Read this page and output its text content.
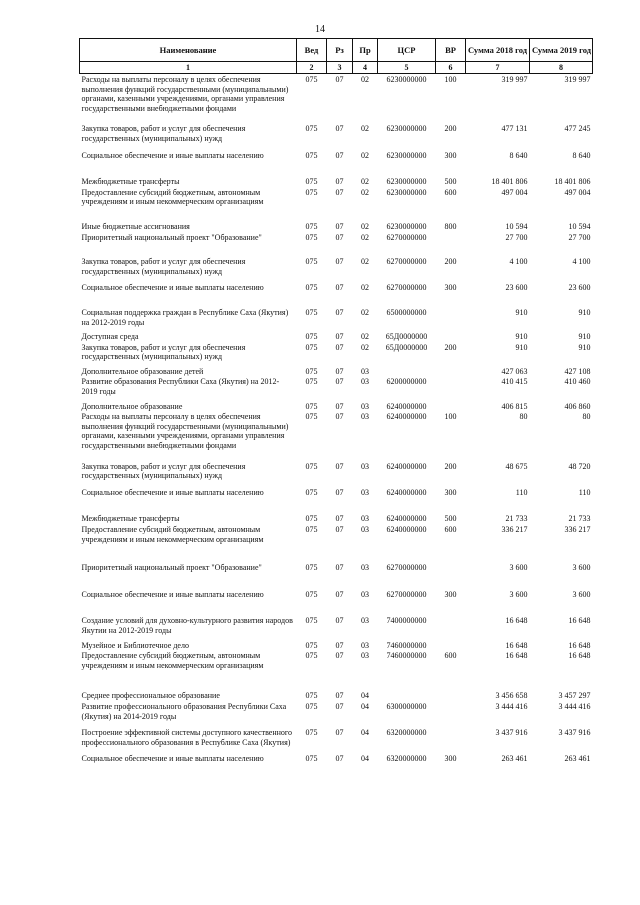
14
Наименование	Вед	Рз	Пр	ЦСР	ВР	Сумма 2018 год	Сумма 2019 год
1	2	3	4	5	6	7	8
Расходы на выплаты персоналу в целях обеспечения выполнения функций государственными (муниципальными) органами, казенными учреждениями, органами управления государственными внебюджетными фондами	075	07	02	6230000000	100	319 997	319 997
Закупка товаров, работ и услуг для обеспечения государственных (муниципальных) нужд	075	07	02	6230000000	200	477 131	477 245
Социальное обеспечение и иные выплаты населению	075	07	02	6230000000	300	8 640	8 640
Межбюджетные трансферты	075	07	02	6230000000	500	18 401 806	18 401 806
Предоставление субсидий бюджетным, автономным учреждениям и иным некоммерческим организациям	075	07	02	6230000000	600	497 004	497 004
Иные бюджетные ассигнования	075	07	02	6230000000	800	10 594	10 594
Приоритетный национальный проект "Образование"	075	07	02	6270000000		27 700	27 700
Закупка товаров, работ и услуг для обеспечения государственных (муниципальных) нужд	075	07	02	6270000000	200	4 100	4 100
Социальное обеспечение и иные выплаты населению	075	07	02	6270000000	300	23 600	23 600
Социальная поддержка граждан в Республике Саха (Якутия) на 2012-2019 годы	075	07	02	6500000000		910	910
Доступная среда	075	07	02	65Д0000000		910	910
Закупка товаров, работ и услуг для обеспечения государственных (муниципальных) нужд	075	07	02	65Д0000000	200	910	910
Дополнительное образование детей	075	07	03			427 063	427 108
Развитие образования Республики Саха (Якутия) на 2012-2019 годы	075	07	03	6200000000		410 415	410 460
Дополнительное образование	075	07	03	6240000000		406 815	406 860
Расходы на выплаты персоналу в целях обеспечения выполнения функций государственными (муниципальными) органами, казенными учреждениями, органами управления государственными внебюджетными фондами	075	07	03	6240000000	100	80	80
Закупка товаров, работ и услуг для обеспечения государственных (муниципальных) нужд	075	07	03	6240000000	200	48 675	48 720
Социальное обеспечение и иные выплаты населению	075	07	03	6240000000	300	110	110
Межбюджетные трансферты	075	07	03	6240000000	500	21 733	21 733
Предоставление субсидий бюджетным, автономным учреждениям и иным некоммерческим организациям	075	07	03	6240000000	600	336 217	336 217
Приоритетный национальный проект "Образование"	075	07	03	6270000000		3 600	3 600
Социальное обеспечение и иные выплаты населению	075	07	03	6270000000	300	3 600	3 600
Создание условий для духовно-культурного развития народов Якутии на 2012-2019 годы	075	07	03	7400000000		16 648	16 648
Музейное и Библиотечное дело	075	07	03	7460000000		16 648	16 648
Предоставление субсидий бюджетным, автономным учреждениям и иным некоммерческим организациям	075	07	03	7460000000	600	16 648	16 648
Среднее профессиональное образование	075	07	04			3 456 658	3 457 297
Развитие профессионального образования Республики Саха (Якутия) на 2014-2019 годы	075	07	04	6300000000		3 444 416	3 444 416
Построение эффективной системы доступного качественного профессионального образования в Республике Саха (Якутия)	075	07	04	6320000000		3 437 916	3 437 916
Социальное обеспечение и иные выплаты населению	075	07	04	6320000000	300	263 461	263 461
